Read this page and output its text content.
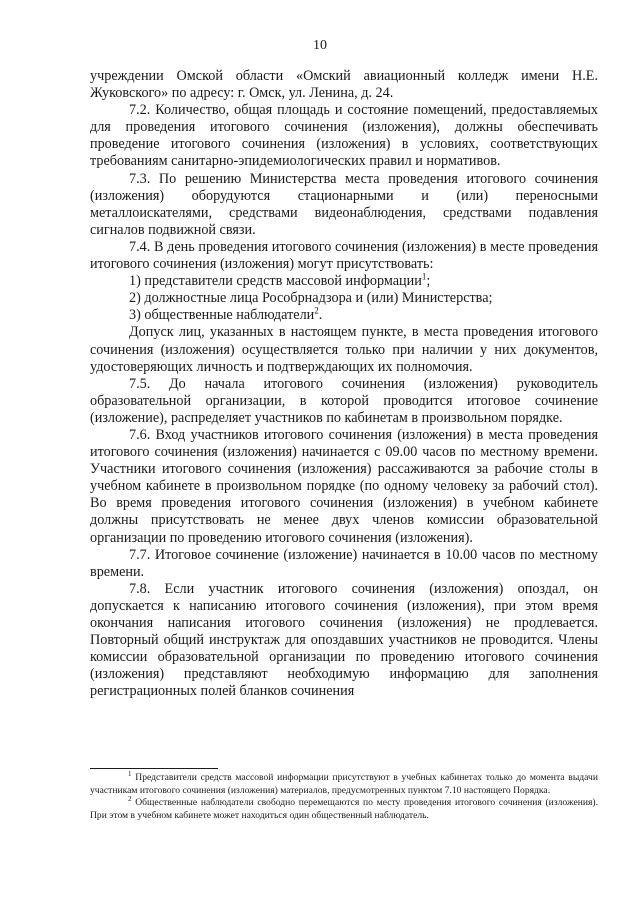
10

учреждении Омской области «Омский авиационный колледж имени Н.Е. Жуковского» по адресу: г. Омск, ул. Ленина, д. 24.

7.2. Количество, общая площадь и состояние помещений, предоставляемых для проведения итогового сочинения (изложения), должны обеспечивать проведение итогового сочинения (изложения) в условиях, соответствующих требованиям санитарно-эпидемиологических правил и нормативов.

7.3. По решению Министерства места проведения итогового сочинения (изложения) оборудуются стационарными и (или) переносными металлоискателями, средствами видеонаблюдения, средствами подавления сигналов подвижной связи.

7.4. В день проведения итогового сочинения (изложения) в месте проведения итогового сочинения (изложения) могут присутствовать:

1) представители средств массовой информации$^1$;

2) должностные лица Рособрнадзора и (или) Министерства;

3) общественные наблюдатели$^2$.

Допуск лиц, указанных в настоящем пункте, в места проведения итогового сочинения (изложения) осуществляется только при наличии у них документов, удостоверяющих личность и подтверждающих их полномочия.

7.5. До начала итогового сочинения (изложения) руководитель образовательной организации, в которой проводится итоговое сочинение (изложение), распределяет участников по кабинетам в произвольном порядке.

7.6. Вход участников итогового сочинения (изложения) в места проведения итогового сочинения (изложения) начинается с 09.00 часов по местному времени. Участники итогового сочинения (изложения) рассаживаются за рабочие столы в учебном кабинете в произвольном порядке (по одному человеку за рабочий стол). Во время проведения итогового сочинения (изложения) в учебном кабинете должны присутствовать не менее двух членов комиссии образовательной организации по проведению итогового сочинения (изложения).

7.7. Итоговое сочинение (изложение) начинается в 10.00 часов по местному времени.

7.8. Если участник итогового сочинения (изложения) опоздал, он допускается к написанию итогового сочинения (изложения), при этом время окончания написания итогового сочинения (изложения) не продлевается. Повторный общий инструктаж для опоздавших участников не проводится. Члены комиссии образовательной организации по проведению итогового сочинения (изложения) представляют необходимую информацию для заполнения регистрационных полей бланков сочинения

$^1$ Представители средств массовой информации присутствуют в учебных кабинетах только до момента выдачи участникам итогового сочинения (изложения) материалов, предусмотренных пунктом 7.10 настоящего Порядка.

$^2$ Общественные наблюдатели свободно перемещаются по месту проведения итогового сочинения (изложения). При этом в учебном кабинете может находиться один общественный наблюдатель.
